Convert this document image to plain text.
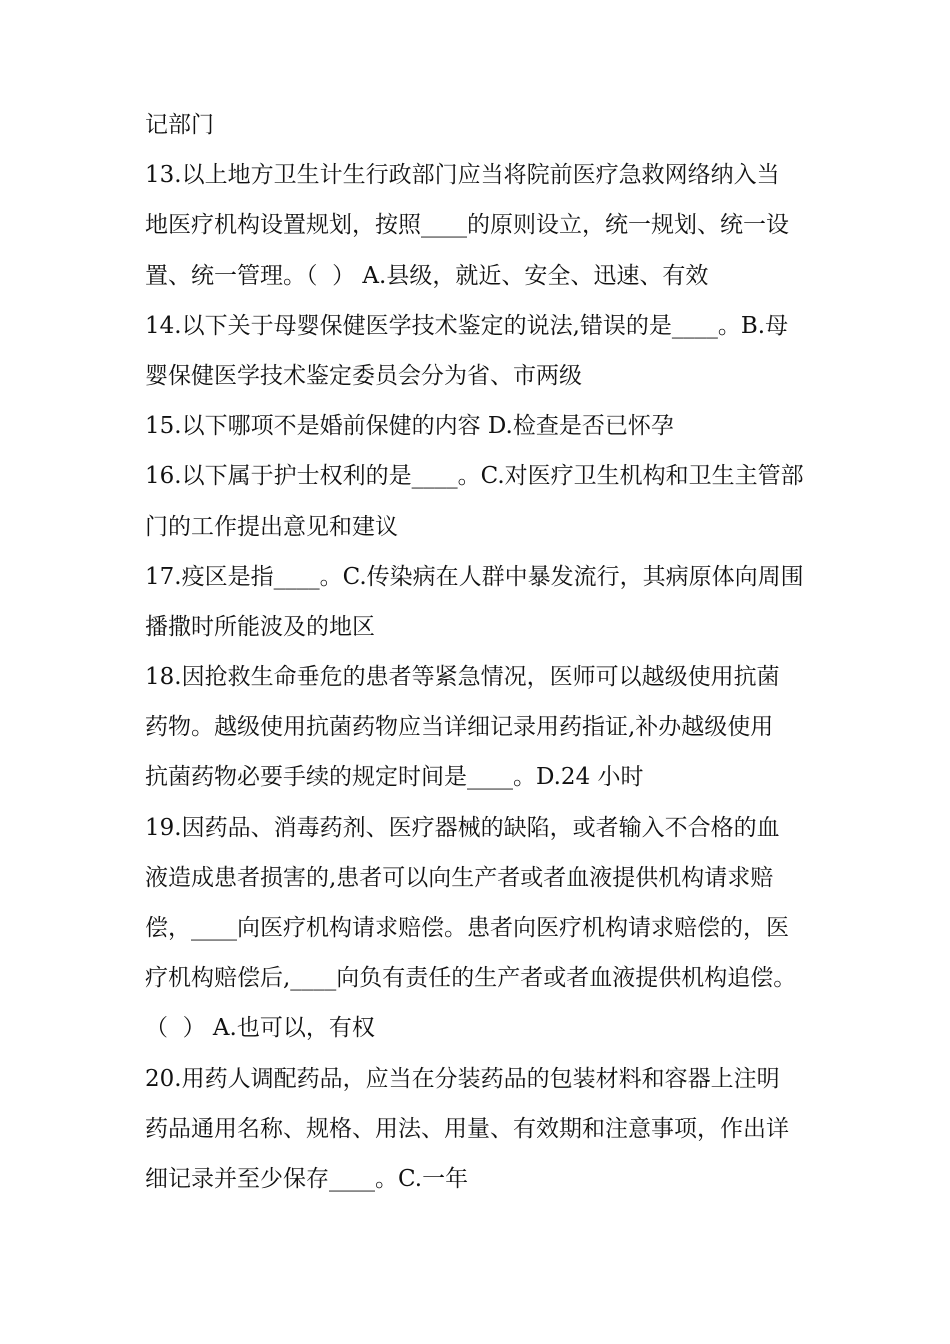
记部门
13.以上地方卫生计生行政部门应当将院前医疗急救网络纳入当
地医疗机构设置规划，按照____的原则设立，统一规划、统一设
置、统一管理。（  ） A.县级，就近、安全、迅速、有效
14.以下关于母婴保健医学技术鉴定的说法,错误的是____。B.母
婴保健医学技术鉴定委员会分为省、市两级
15.以下哪项不是婚前保健的内容 D.检查是否已怀孕
16.以下属于护士权利的是____。C.对医疗卫生机构和卫生主管部
门的工作提出意见和建议
17.疫区是指____。C.传染病在人群中暴发流行，其病原体向周围
播撒时所能波及的地区
18.因抢救生命垂危的患者等紧急情况，医师可以越级使用抗菌
药物。越级使用抗菌药物应当详细记录用药指证,补办越级使用
抗菌药物必要手续的规定时间是____。D.24 小时
19.因药品、消毒药剂、医疗器械的缺陷，或者输入不合格的血
液造成患者损害的,患者可以向生产者或者血液提供机构请求赔
偿，____向医疗机构请求赔偿。患者向医疗机构请求赔偿的，医
疗机构赔偿后,____向负有责任的生产者或者血液提供机构追偿。
（  ） A.也可以，有权
20.用药人调配药品，应当在分装药品的包装材料和容器上注明
药品通用名称、规格、用法、用量、有效期和注意事项，作出详
细记录并至少保存____。C.一年
